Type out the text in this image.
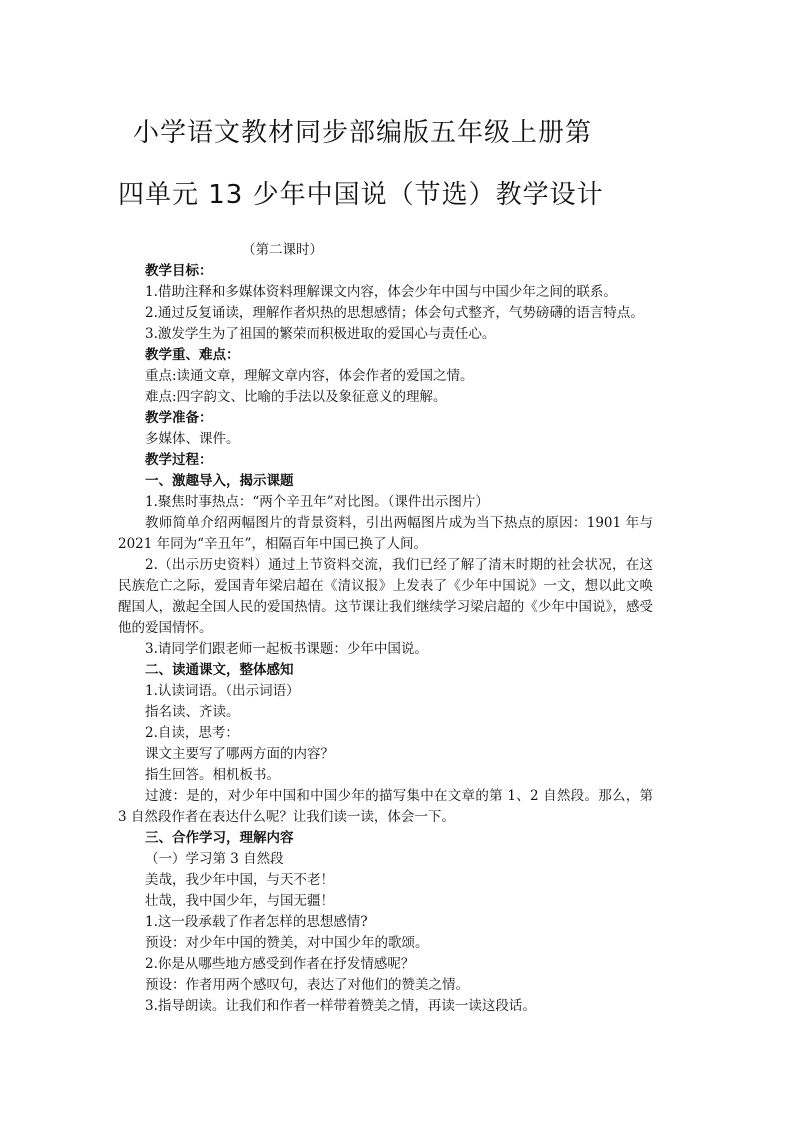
小学语文教材同步部编版五年级上册第
四单元 13 少年中国说（节选）教学设计
（第二课时）
教学目标：
1.借助注释和多媒体资料理解课文内容，体会少年中国与中国少年之间的联系。
2.通过反复诵读，理解作者炽热的思想感情；体会句式整齐，气势磅礴的语言特点。
3.激发学生为了祖国的繁荣而积极进取的爱国心与责任心。
教学重、难点：
重点:读通文章，理解文章内容，体会作者的爱国之情。
难点:四字韵文、比喻的手法以及象征意义的理解。
教学准备：
多媒体、课件。
教学过程：
一、激趣导入，揭示课题
1.聚焦时事热点：“两个辛丑年”对比图。（课件出示图片）
教师简单介绍两幅图片的背景资料，引出两幅图片成为当下热点的原因：1901 年与 2021 年同为“辛丑年”，相隔百年中国已换了人间。
2.（出示历史资料）通过上节资料交流，我们已经了解了清末时期的社会状况，在这民族危亡之际，爱国青年梁启超在《清议报》上发表了《少年中国说》一文，想以此文唤醒国人，激起全国人民的爱国热情。这节课让我们继续学习梁启超的《少年中国说》，感受他的爱国情怀。
3.请同学们跟老师一起板书课题：少年中国说。
二、读通课文，整体感知
1.认读词语。（出示词语）
指名读、齐读。
2.自读，思考：
课文主要写了哪两方面的内容？
指生回答。相机板书。
过渡：是的，对少年中国和中国少年的描写集中在文章的第 1、2 自然段。那么，第 3 自然段作者在表达什么呢？让我们读一读，体会一下。
三、合作学习，理解内容
（一）学习第 3 自然段
美哉，我少年中国，与天不老！
壮哉，我中国少年，与国无疆！
1.这一段承载了作者怎样的思想感情?
预设：对少年中国的赞美，对中国少年的歌颂。
2.你是从哪些地方感受到作者在抒发情感呢？
预设：作者用两个感叹句，表达了对他们的赞美之情。
3.指导朗读。让我们和作者一样带着赞美之情，再读一读这段话。
